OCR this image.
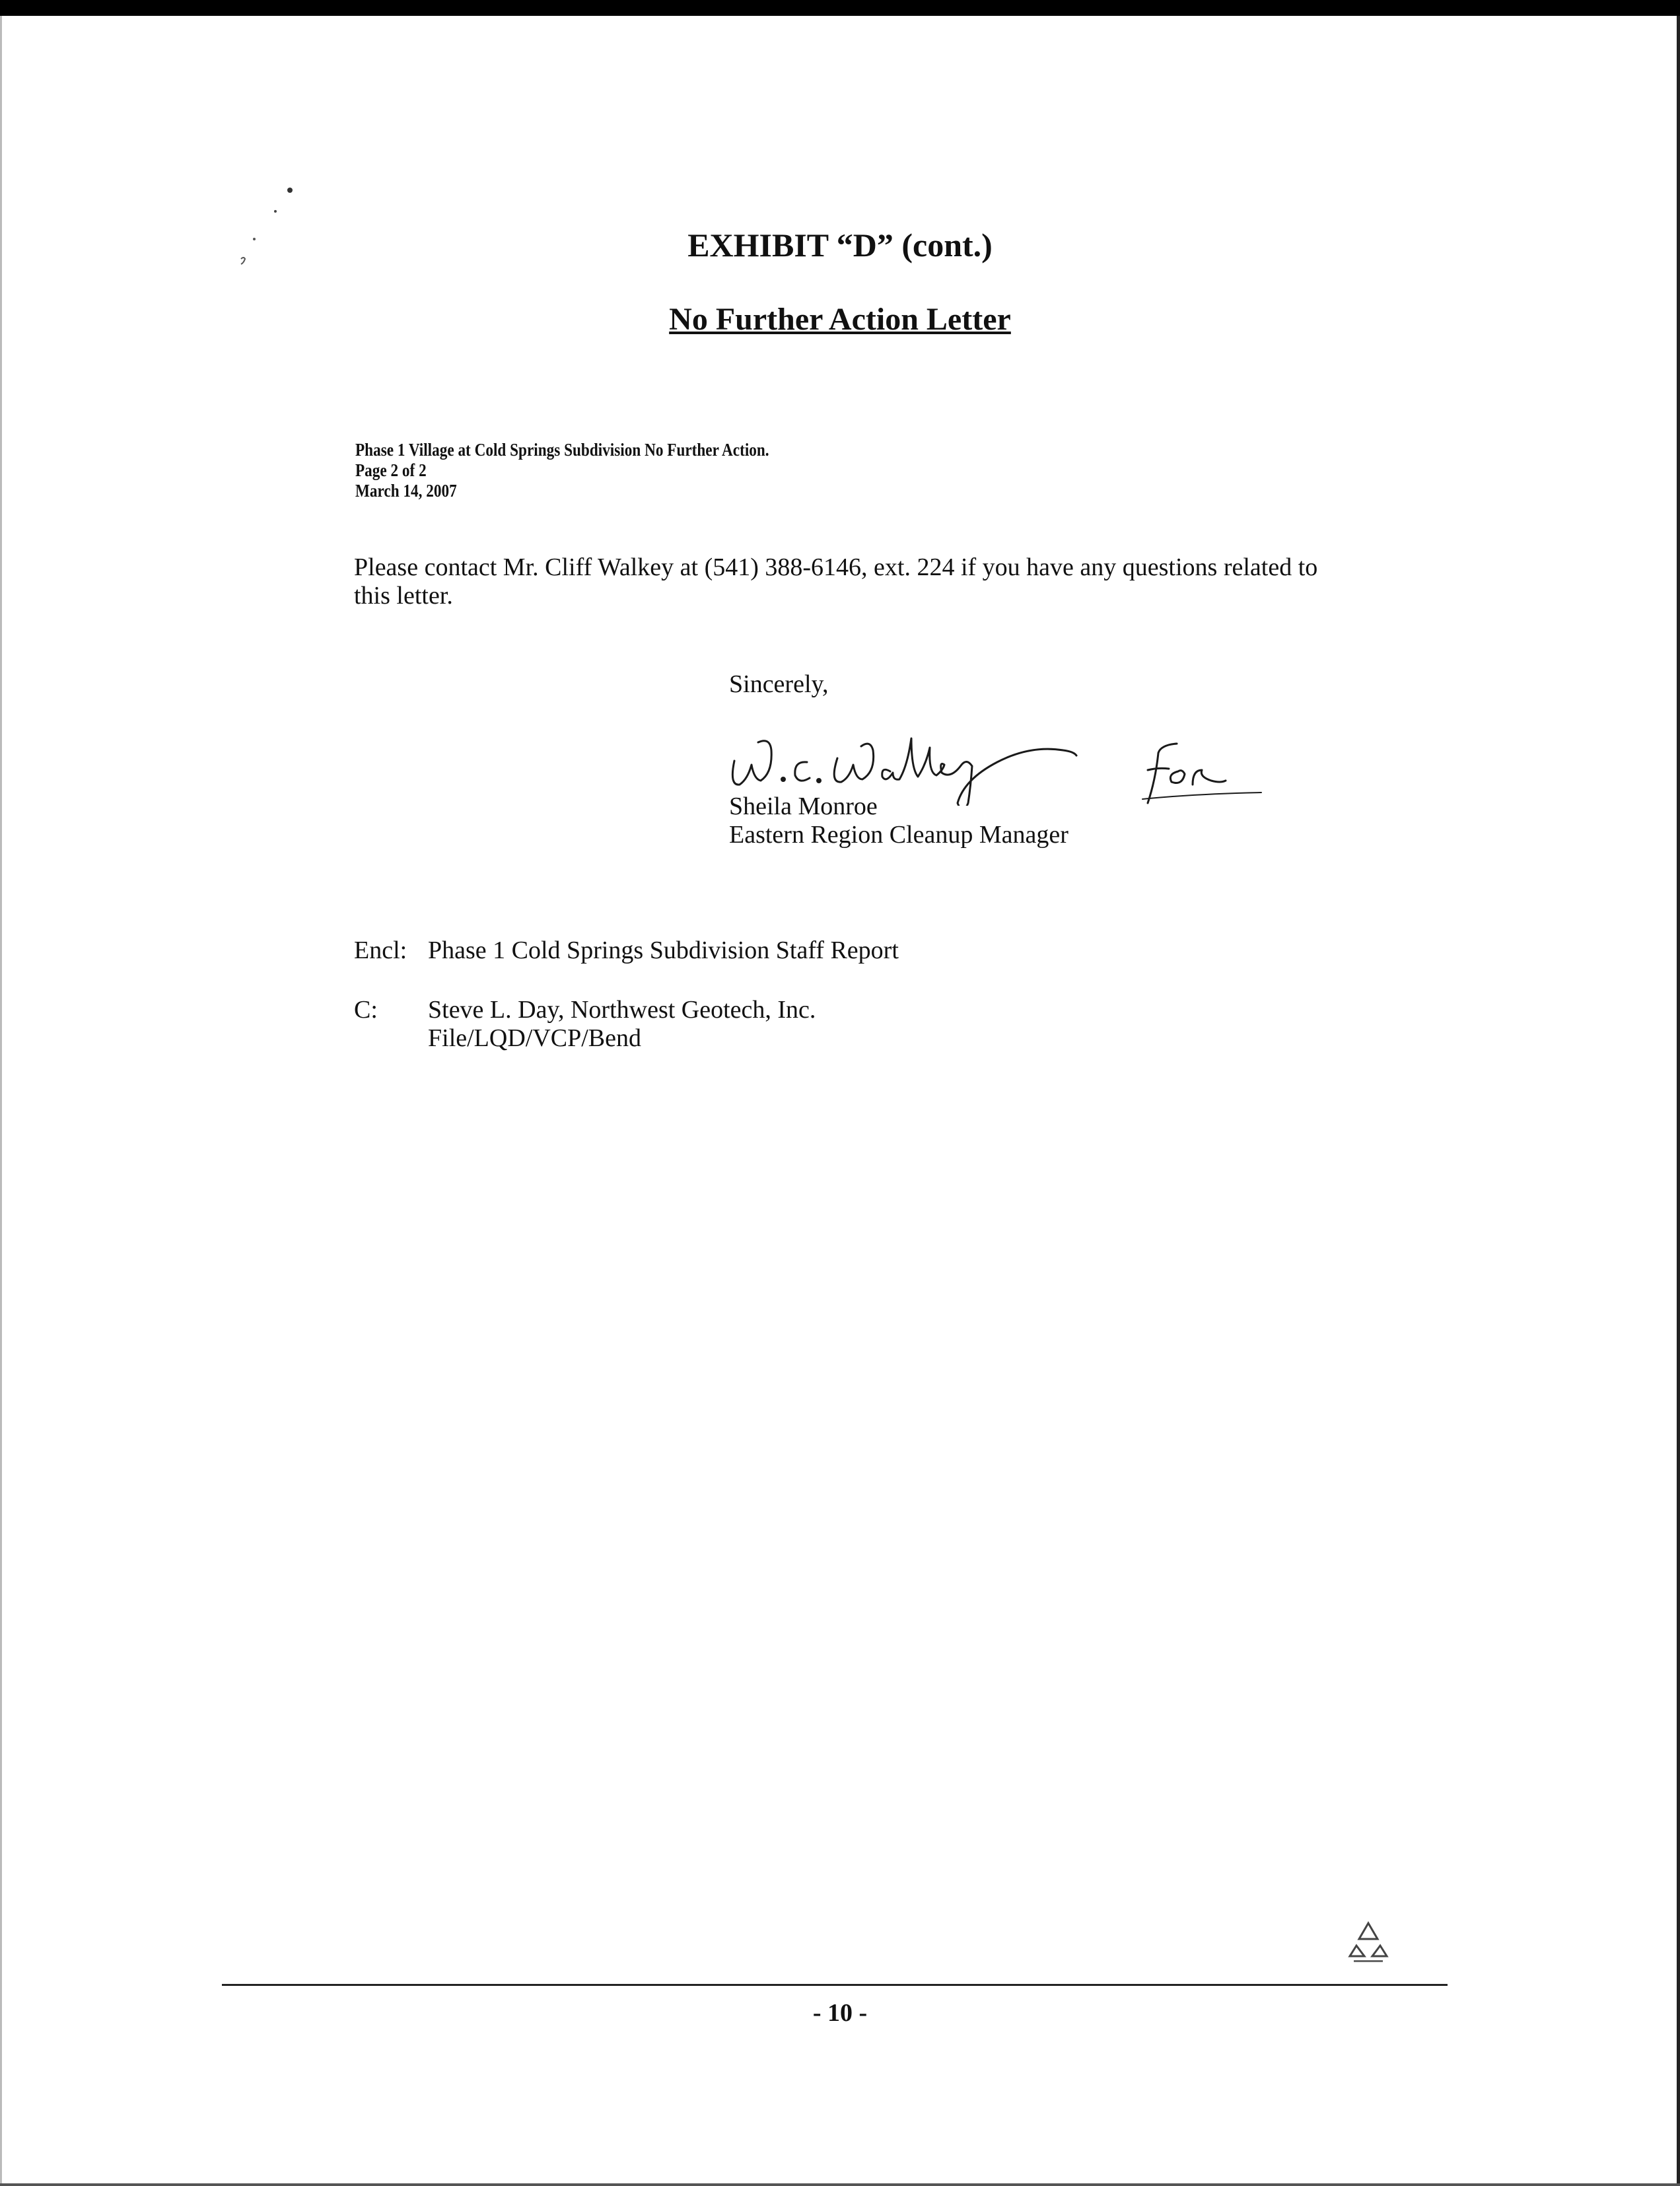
EXHIBIT “D” (cont.)
No Further Action Letter
Phase 1 Village at Cold Springs Subdivision No Further Action.
Page 2 of 2
March 14, 2007

Please contact Mr. Cliff Walkey at (541) 388-6146, ext. 224 if you have any questions related to this letter.

Sincerely,

Sheila Monroe

Eastern Region Cleanup Manager

Encl: Phase 1 Cold Springs Subdivision Staff Report
C: Steve L. Day, Northwest Geotech, Inc.
File/LQD/VCP/Bend
- 10 -
